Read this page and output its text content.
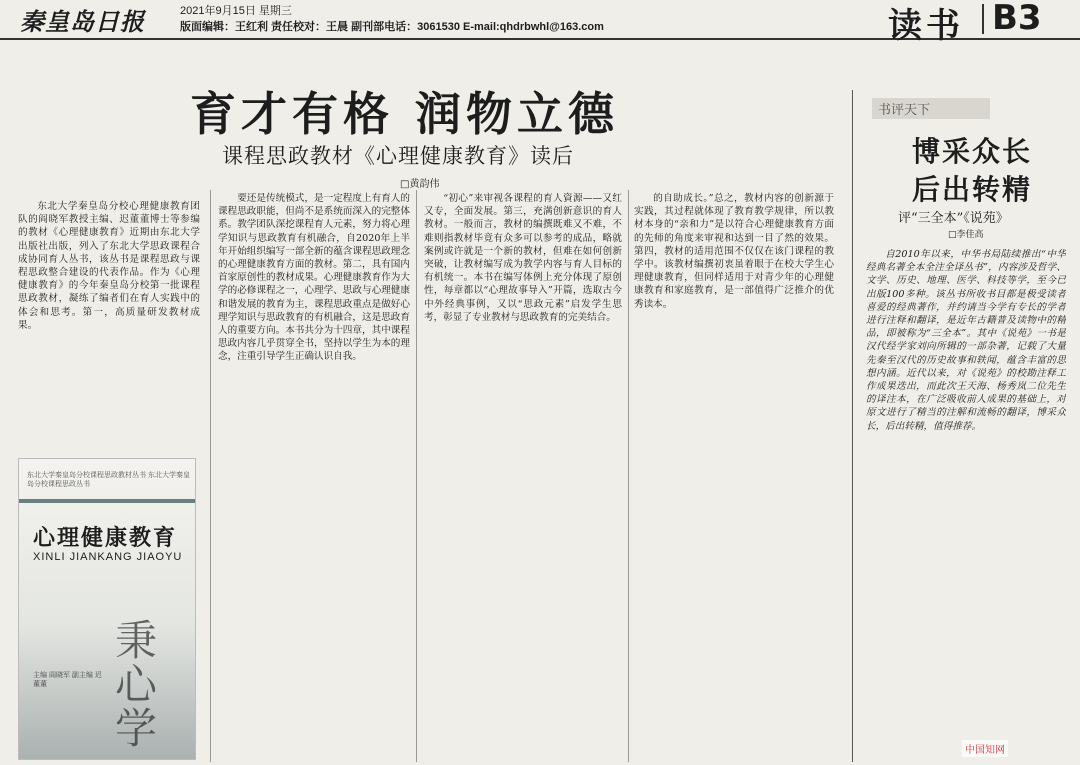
秦皇岛日报	2021年9月15日 星期三
版面编辑：王红利 责任校对：王晨 副刊部电话：3061530 E-mail:qhdrbwhl@163.com	读书 B3
育才有格 润物立德
课程思政教材《心理健康教育》读后
□黄韵伟

东北大学秦皇岛分校心理健康教育团队的阎晓军教授主编、迟董董博士等参编的教材《心理健康教育》近期由东北大学出版社出版，列入了东北大学思政课程合成协同育人丛书，该丛书是课程思政与课程思政整合建设的代表作品。作为《心理健康教育》的今年秦皇岛分校第一批课程思政教材，凝练了编者们在育人实践中的体会和思考。第一，高质量研发教材成果。

要还是传统模式，是一定程度上有育人的课程思政职能，但尚不是系统而深入的完整体系。教学团队深挖课程育人元素，努力将心理学知识与思政教育有机融合，自2020年上半年开始组织编写一部全新的蕴含课程思政理念的心理健康教育方面的教材。第二，具有国内首家原创性的教材成果。心理健康教育作为大学的必修课程之一，心理学、思政与心理健康和谐发展的教育为主，课程思政重点是做好心理学知识与思政教育的有机融合，这是思政育人的重要方向。本书共分为十四章，其中课程思政内容几乎贯穿全书，坚持以学生为本的理念，注重引导学生正确认识自我。

“初心”来审视各课程的育人資源——又红又专，全面发展。第三，充满创新意识的育人教材。一般而言，教材的编撰既难又不难，不难则指教材毕竟有众多可以参考的成品，略就案例或许就是一个新的教材，但难在如何创新突破，让教材编写成为教学内容与育人目标的有机统一。本书在编写体例上充分体现了原创性，每章都以“心理故事导入”开篇，选取古今中外经典事例，又以“思政元素”启发学生思考，彰显了专业教材与思政教育的完美结合。

的自助成长。”总之，教材内容的创新源于实践，其过程就体现了教育教学规律，所以教材本身的“亲和力”是以符合心理健康教育方面的先师的角度来审视和达到一目了然的效果。第四，教材的适用范围不仅仅在该门课程的教学中。该教材编撰初衷虽着眼于在校大学生心理健康教育，但同样适用于对青少年的心理健康教育和家庭教育，是一部值得广泛推介的优秀读本。

东北大学秦皇岛分校课程思政教材丛书 东北大学秦皇岛分校课程思政丛书
心理健康教育
XINLI JIANKANG JIAOYU
主编 阎晓军 副主编 迟董董
秉心 学
书评天下
博采众长
后出转精
评“三全本”《说苑》
□李佳高

自2010年以来，中华书局陆续推出“中华经典名著全本全注全译丛书”，内容涉及哲学、文学、历史、地理、医学、科技等学，至今已出版100多种。该丛书所收书目都是极受读者喜爱的经典著作，并约请当今学有专长的学者进行注释和翻译，是近年古籍普及读物中的精品，即被称为“三全本”。其中《说苑》一书是汉代经学家刘向所辑的一部杂著，记载了大量先秦至汉代的历史故事和轶闻，蕴含丰富的思想内涵。近代以来，对《说苑》的校勘注释工作成果迭出，而此次王天海、杨秀岚二位先生的译注本，在广泛吸收前人成果的基础上，对原文进行了精当的注解和流畅的翻译，博采众长，后出转精，值得推荐。

中国知网
